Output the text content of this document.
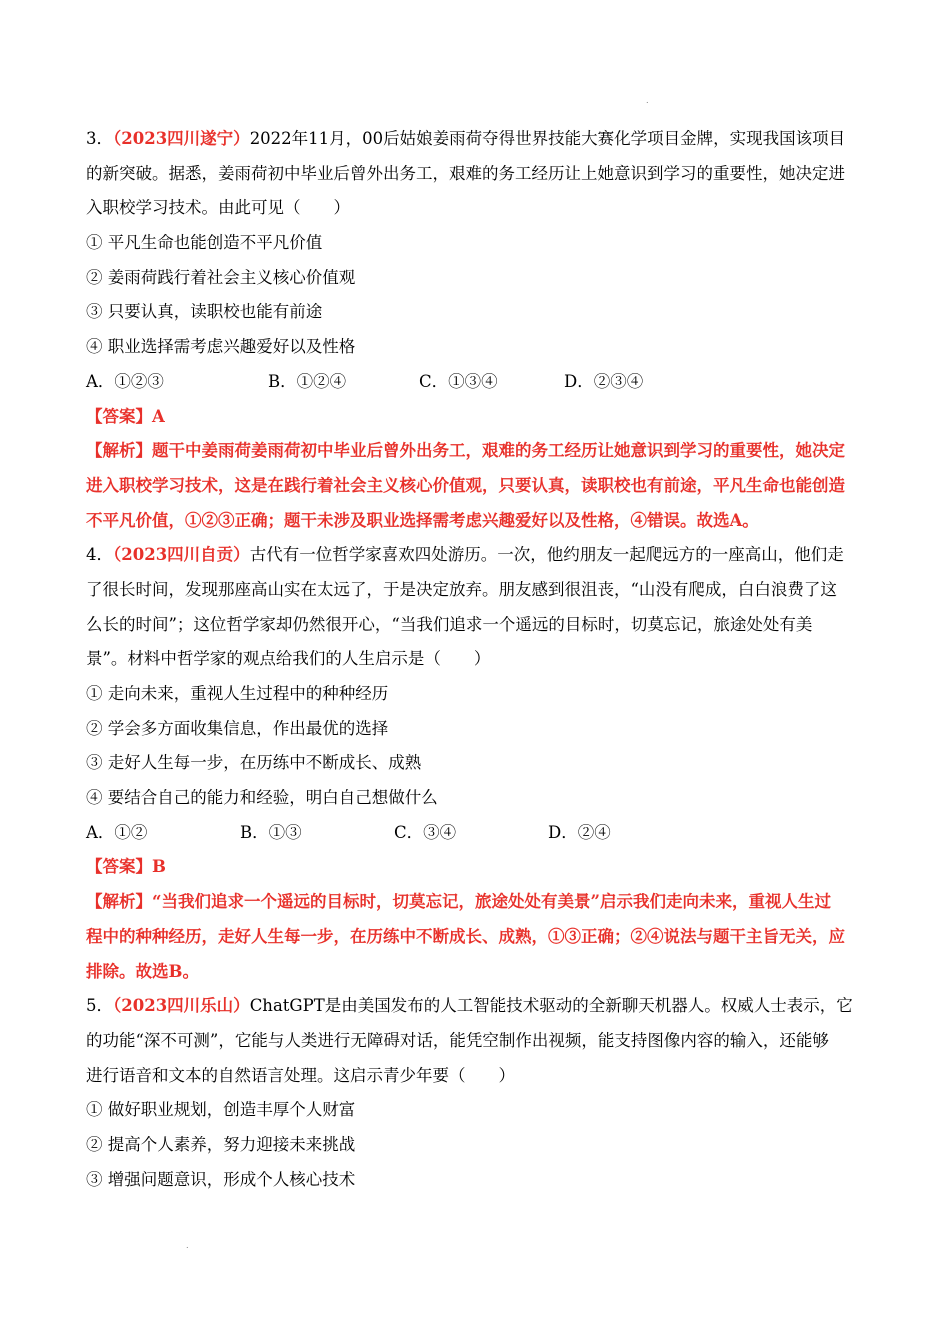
.
3．（2023四川遂宁）2022年11月，00后姑娘姜雨荷夺得世界技能大赛化学项目金牌，实现我国该项目
的新突破。据悉，姜雨荷初中毕业后曾外出务工，艰难的务工经历让上她意识到学习的重要性，她决定进
入职校学习技术。由此可见（　　）
① 平凡生命也能创造不平凡价值
② 姜雨荷践行着社会主义核心价值观
③ 只要认真，读职校也能有前途
④ 职业选择需考虑兴趣爱好以及性格
A．①②③	B．①②④	C．①③④	D．②③④
【答案】A
【解析】题干中姜雨荷姜雨荷初中毕业后曾外出务工，艰难的务工经历让她意识到学习的重要性，她决定
进入职校学习技术，这是在践行着社会主义核心价值观，只要认真，读职校也有前途，平凡生命也能创造
不平凡价值，①②③正确；题干未涉及职业选择需考虑兴趣爱好以及性格，④错误。故选A。
4．（2023四川自贡）古代有一位哲学家喜欢四处游历。一次，他约朋友一起爬远方的一座高山，他们走
了很长时间，发现那座高山实在太远了，于是决定放弃。朋友感到很沮丧，“山没有爬成，白白浪费了这
么长的时间”；这位哲学家却仍然很开心，“当我们追求一个遥远的目标时，切莫忘记，旅途处处有美
景”。材料中哲学家的观点给我们的人生启示是（　　）
① 走向未来，重视人生过程中的种种经历
② 学会多方面收集信息，作出最优的选择
③ 走好人生每一步，在历练中不断成长、成熟
④ 要结合自己的能力和经验，明白自己想做什么
A．①②	B．①③	C．③④	D．②④
【答案】B
【解析】“当我们追求一个遥远的目标时，切莫忘记，旅途处处有美景”启示我们走向未来，重视人生过
程中的种种经历，走好人生每一步，在历练中不断成长、成熟，①③正确；②④说法与题干主旨无关，应
排除。故选B。
5．（2023四川乐山）ChatGPT是由美国发布的人工智能技术驱动的全新聊天机器人。权威人士表示，它
的功能“深不可测”，它能与人类进行无障碍对话，能凭空制作出视频，能支持图像内容的输入，还能够
进行语音和文本的自然语言处理。这启示青少年要（　　）
① 做好职业规划，创造丰厚个人财富
② 提高个人素养，努力迎接未来挑战
③ 增强问题意识，形成个人核心技术
.
